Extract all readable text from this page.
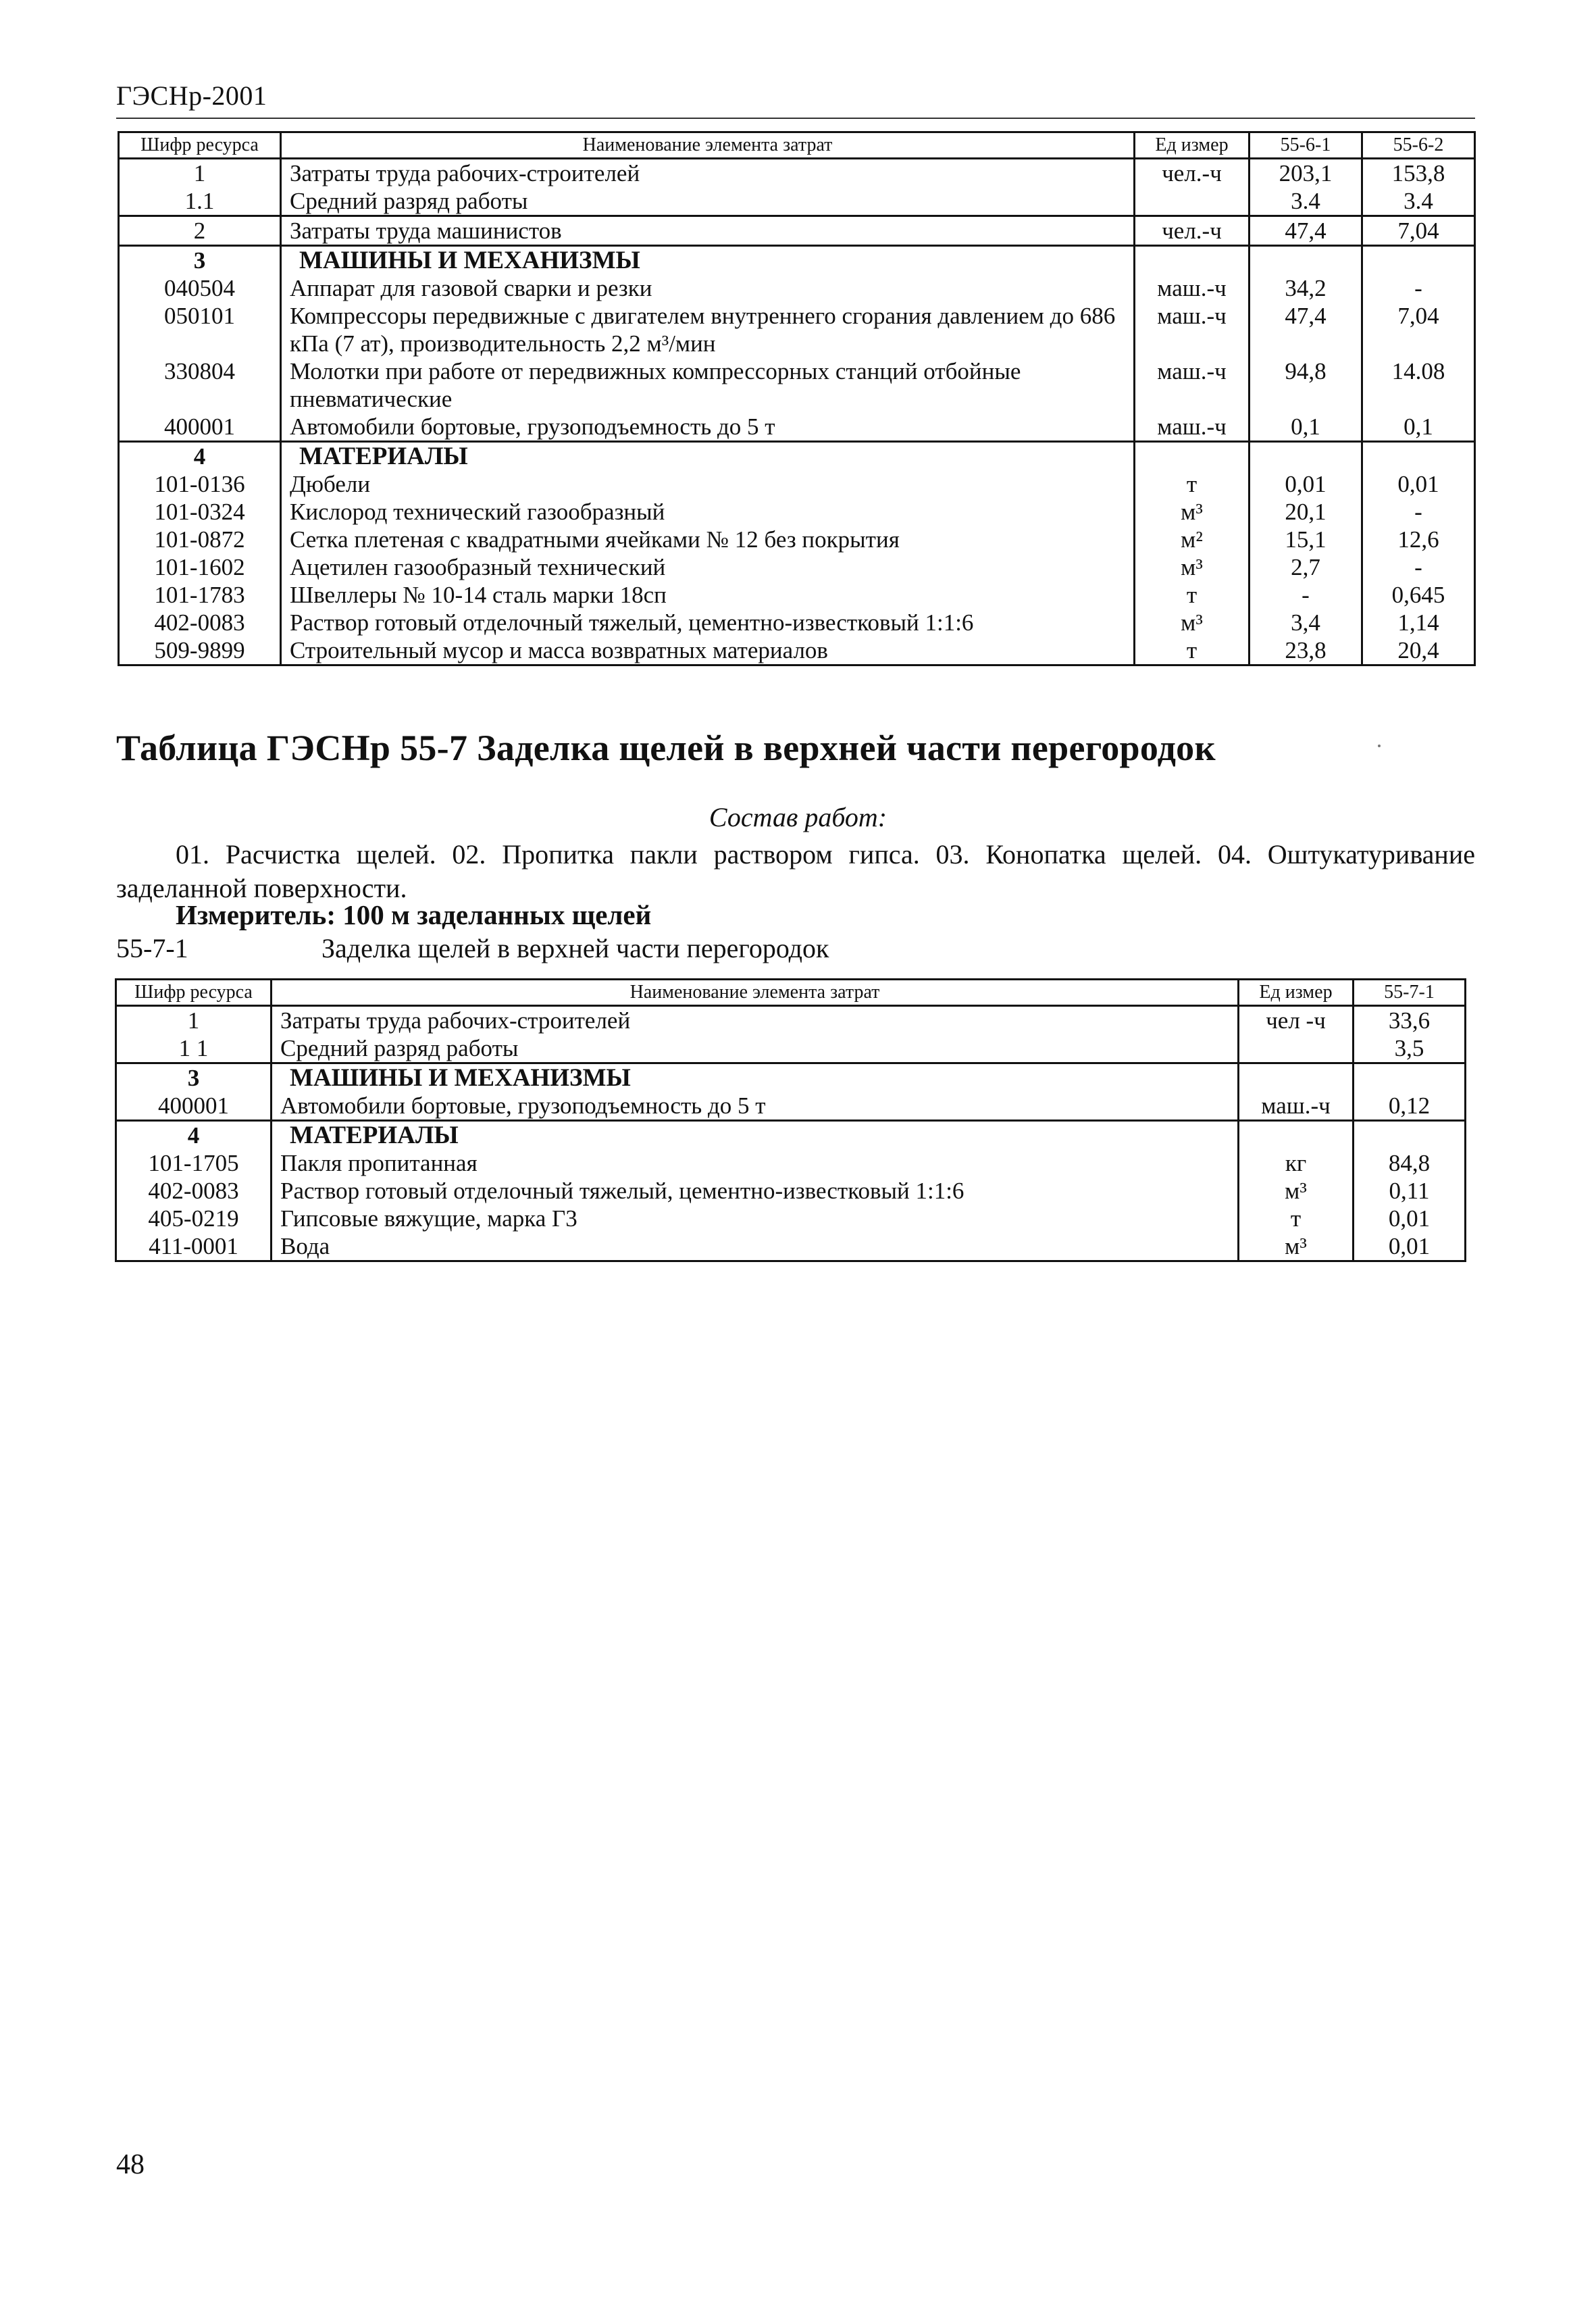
ГЭСНр-2001
Шифр ресурса	Наименование элемента затрат	Ед измер	55-6-1	55-6-2
1	Затраты труда рабочих-строителей	чел.-ч	203,1	153,8
1.1	Средний разряд работы		3.4	3.4
2	Затраты труда машинистов	чел.-ч	47,4	7,04
3	МАШИНЫ И МЕХАНИЗМЫ			
040504	Аппарат для газовой сварки и резки	маш.-ч	34,2	-
050101	Компрессоры передвижные с двигателем внутреннего сгорания давлением до 686 кПа (7 ат), производительность 2,2 м³/мин	маш.-ч	47,4	7,04
330804	Молотки при работе от передвижных компрессорных станций отбойные пневматические	маш.-ч	94,8	14.08
400001	Автомобили бортовые, грузоподъемность до 5 т	маш.-ч	0,1	0,1
4	МАТЕРИАЛЫ			
101-0136	Дюбели	т	0,01	0,01
101-0324	Кислород технический газообразный	м³	20,1	-
101-0872	Сетка плетеная с квадратными ячейками № 12 без покрытия	м²	15,1	12,6
101-1602	Ацетилен газообразный технический	м³	2,7	-
101-1783	Швеллеры № 10-14 сталь марки 18сп	т	-	0,645
402-0083	Раствор готовый отделочный тяжелый, цементно-известковый 1:1:6	м³	3,4	1,14
509-9899	Строительный мусор и масса возвратных материалов	т	23,8	20,4
Таблица ГЭСНр 55-7 Заделка щелей в верхней части перегородок
Состав работ:
01. Расчистка щелей. 02. Пропитка пакли раствором гипса. 03. Конопатка щелей. 04. Оштукатуривание заделанной поверхности.
Измеритель: 100 м заделанных щелей
55-7-1	Заделка щелей в верхней части перегородок
Шифр ресурса	Наименование элемента затрат	Ед измер	55-7-1
1	Затраты труда рабочих-строителей	чел -ч	33,6
1 1	Средний разряд работы		3,5
3	МАШИНЫ И МЕХАНИЗМЫ		
400001	Автомобили бортовые, грузоподъемность до 5 т	маш.-ч	0,12
4	МАТЕРИАЛЫ		
101-1705	Пакля пропитанная	кг	84,8
402-0083	Раствор готовый отделочный тяжелый, цементно-известковый 1:1:6	м³	0,11
405-0219	Гипсовые вяжущие, марка Г3	т	0,01
411-0001	Вода	м³	0,01
48
